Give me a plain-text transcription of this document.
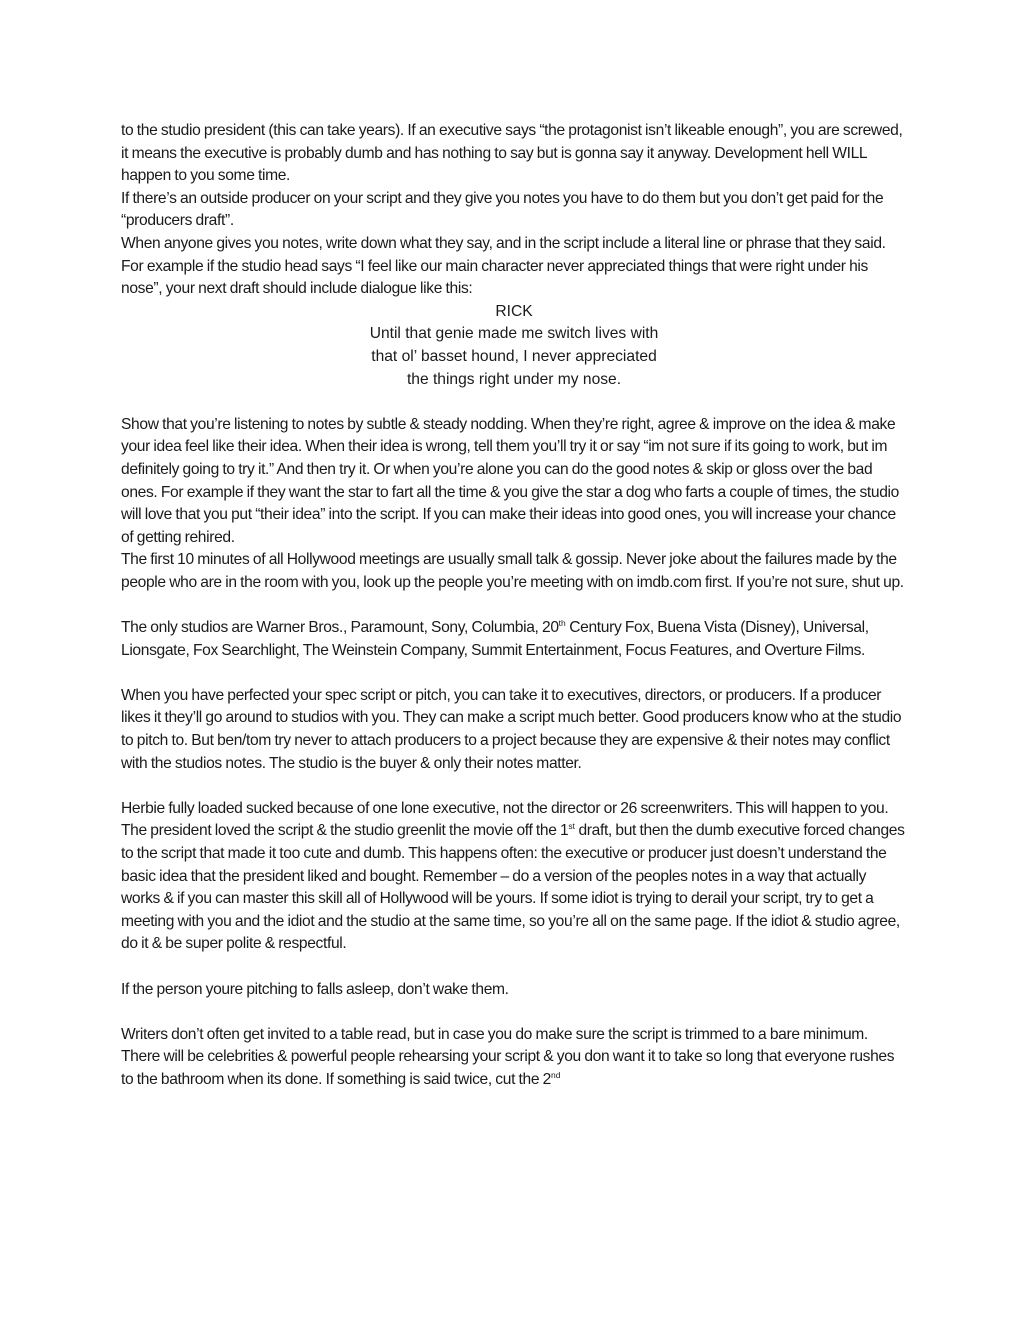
to the studio president (this can take years). If an executive says “the protagonist isn’t likeable enough”, you are screwed, it means the executive is probably dumb and has nothing to say but is gonna say it anyway. Development hell WILL happen to you some time.

If there’s an outside producer on your script and they give you notes you have to do them but you don’t get paid for the “producers draft”.

When anyone gives you notes, write down what they say, and in the script include a literal line or phrase that they said. For example if the studio head says “I feel like our main character never appreciated things that were right under his nose”, your next draft should include dialogue like this:

RICK
Until that genie made me switch lives with
that ol’ basset hound, I never appreciated
the things right under my nose.

Show that you’re listening to notes by subtle & steady nodding. When they’re right, agree & improve on the idea & make your idea feel like their idea. When their idea is wrong, tell them you’ll try it or say “im not sure if its going to work, but im definitely going to try it.” And then try it. Or when you’re alone you can do the good notes & skip or gloss over the bad ones. For example if they want the star to fart all the time & you give the star a dog who farts a couple of times, the studio will love that you put “their idea” into the script. If you can make their ideas into good ones, you will increase your chance of getting rehired.

The first 10 minutes of all Hollywood meetings are usually small talk & gossip. Never joke about the failures made by the people who are in the room with you, look up the people you’re meeting with on imdb.com first. If you’re not sure, shut up.

The only studios are Warner Bros., Paramount, Sony, Columbia, 20th Century Fox, Buena Vista (Disney), Universal, Lionsgate, Fox Searchlight, The Weinstein Company, Summit Entertainment, Focus Features, and Overture Films.

When you have perfected your spec script or pitch, you can take it to executives, directors, or producers. If a producer likes it they’ll go around to studios with you. They can make a script much better. Good producers know who at the studio to pitch to. But ben/tom try never to attach producers to a project because they are expensive & their notes may conflict with the studios notes. The studio is the buyer & only their notes matter.

Herbie fully loaded sucked because of one lone executive, not the director or 26 screenwriters. This will happen to you. The president loved the script & the studio greenlit the movie off the 1st draft, but then the dumb executive forced changes to the script that made it too cute and dumb. This happens often: the executive or producer just doesn’t understand the basic idea that the president liked and bought. Remember – do a version of the peoples notes in a way that actually works & if you can master this skill all of Hollywood will be yours. If some idiot is trying to derail your script, try to get a meeting with you and the idiot and the studio at the same time, so you’re all on the same page. If the idiot & studio agree, do it & be super polite & respectful.

If the person youre pitching to falls asleep, don’t wake them.

Writers don’t often get invited to a table read, but in case you do make sure the script is trimmed to a bare minimum. There will be celebrities & powerful people rehearsing your script & you don want it to take so long that everyone rushes to the bathroom when its done. If something is said twice, cut the 2nd
